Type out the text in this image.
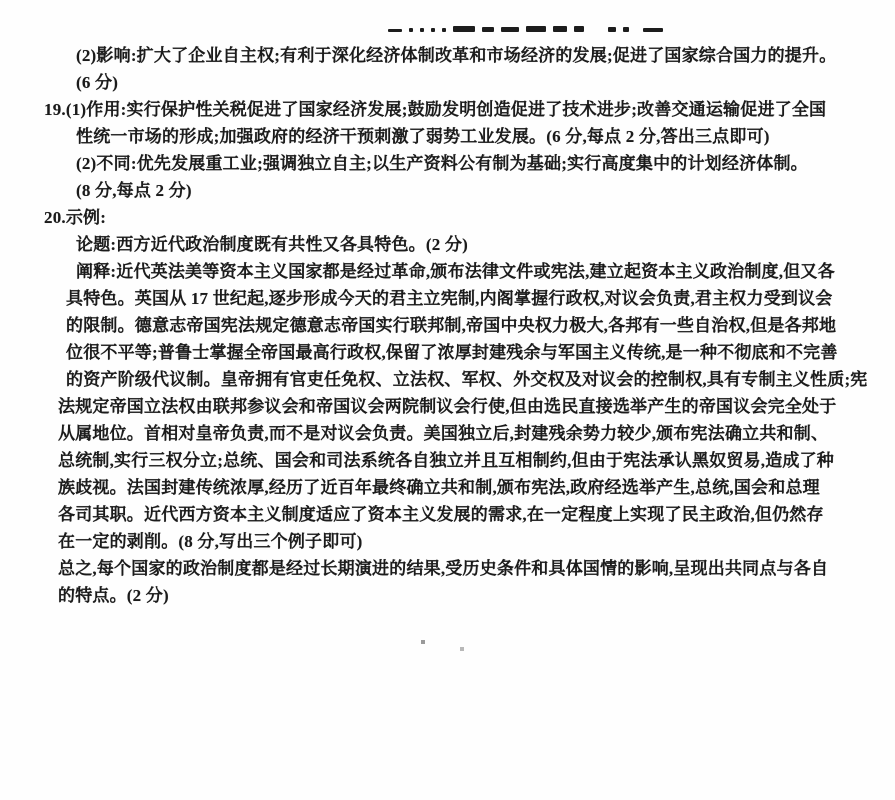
(2)影响:扩大了企业自主权;有利于深化经济体制改革和市场经济的发展;促进了国家综合国力的提升。
(6 分)
19.(1)作用:实行保护性关税促进了国家经济发展;鼓励发明创造促进了技术进步;改善交通运输促进了全国
性统一市场的形成;加强政府的经济干预刺激了弱势工业发展。(6 分,每点 2 分,答出三点即可)
(2)不同:优先发展重工业;强调独立自主;以生产资料公有制为基础;实行高度集中的计划经济体制。
(8 分,每点 2 分)
20.示例:
论题:西方近代政治制度既有共性又各具特色。(2 分)
阐释:近代英法美等资本主义国家都是经过革命,颁布法律文件或宪法,建立起资本主义政治制度,但又各
具特色。英国从 17 世纪起,逐步形成今天的君主立宪制,内阁掌握行政权,对议会负责,君主权力受到议会
的限制。德意志帝国宪法规定德意志帝国实行联邦制,帝国中央权力极大,各邦有一些自治权,但是各邦地
位很不平等;普鲁士掌握全帝国最高行政权,保留了浓厚封建残余与军国主义传统,是一种不彻底和不完善
的资产阶级代议制。皇帝拥有官吏任免权、立法权、军权、外交权及对议会的控制权,具有专制主义性质;宪
法规定帝国立法权由联邦参议会和帝国议会两院制议会行使,但由选民直接选举产生的帝国议会完全处于
从属地位。首相对皇帝负责,而不是对议会负责。美国独立后,封建残余势力较少,颁布宪法确立共和制、
总统制,实行三权分立;总统、国会和司法系统各自独立并且互相制约,但由于宪法承认黑奴贸易,造成了种
族歧视。法国封建传统浓厚,经历了近百年最终确立共和制,颁布宪法,政府经选举产生,总统,国会和总理
各司其职。近代西方资本主义制度适应了资本主义发展的需求,在一定程度上实现了民主政治,但仍然存
在一定的剥削。(8 分,写出三个例子即可)
总之,每个国家的政治制度都是经过长期演进的结果,受历史条件和具体国情的影响,呈现出共同点与各自
的特点。(2 分)
